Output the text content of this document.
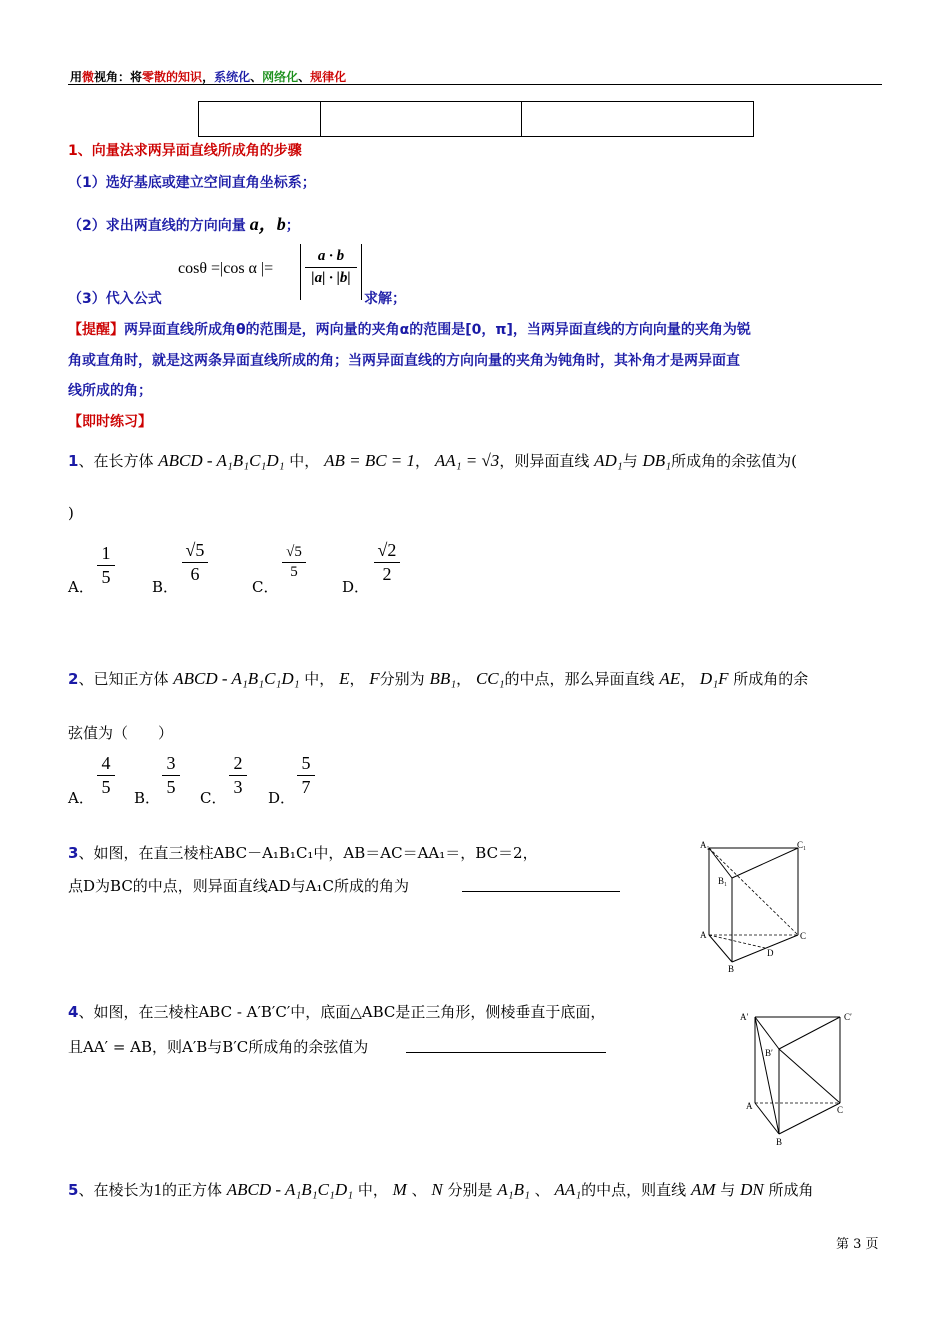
用微视角：将零散的知识，系统化、网络化、规律化
1、向量法求两异面直线所成角的步骤
（1）选好基底或建立空间直角坐标系；
（2）求出两直线的方向向量 a，b；
cosθ =|cos α |=
a · b
|a| · |b|
（3）代入公式	求解；
【提醒】两异面直线所成角θ的范围是，两向量的夹角α的范围是[0，π]，当两异面直线的方向向量的夹角为锐
角或直角时，就是这两条异面直线所成的角；当两异面直线的方向向量的夹角为钝角时，其补角才是两异面直
线所成的角；
【即时练习】
1、在长方体 ABCD - A₁B₁C₁D₁ 中， AB = BC = 1， AA₁ = √3，则异面直线 AD₁与 DB₁所成角的余弦值为(
)
A．
1
5	B．
√5
6
C．
√5
5
D．
√2
2
2、已知正方体 ABCD - A₁B₁C₁D₁ 中， E， F分别为 BB₁， CC₁的中点，那么异面直线 AE， D₁F 所成角的余
弦值为（　　）
A．
4
5
B．
3
5
C．
2
3
D．
5
7
3、如图，在直三棱柱ABC－A₁B₁C₁中，AB＝AC＝AA₁＝，BC＝2，
点D为BC的中点，则异面直线AD与A₁C所成的角为
A₁	C₁
B₁
A	C
D
B
4、如图，在三棱柱ABC - A′B′C′中，底面△ABC是正三角形，侧棱垂直于底面，
且AA′ = AB，则A′B与B′C所成角的余弦值为
A′	C′
B′
A	C
B
5、在棱长为1的正方体 ABCD - A₁B₁C₁D₁ 中， M 、 N 分别是 A₁B₁ 、 AA₁的中点，则直线 AM 与 DN 所成角
第 3 页
